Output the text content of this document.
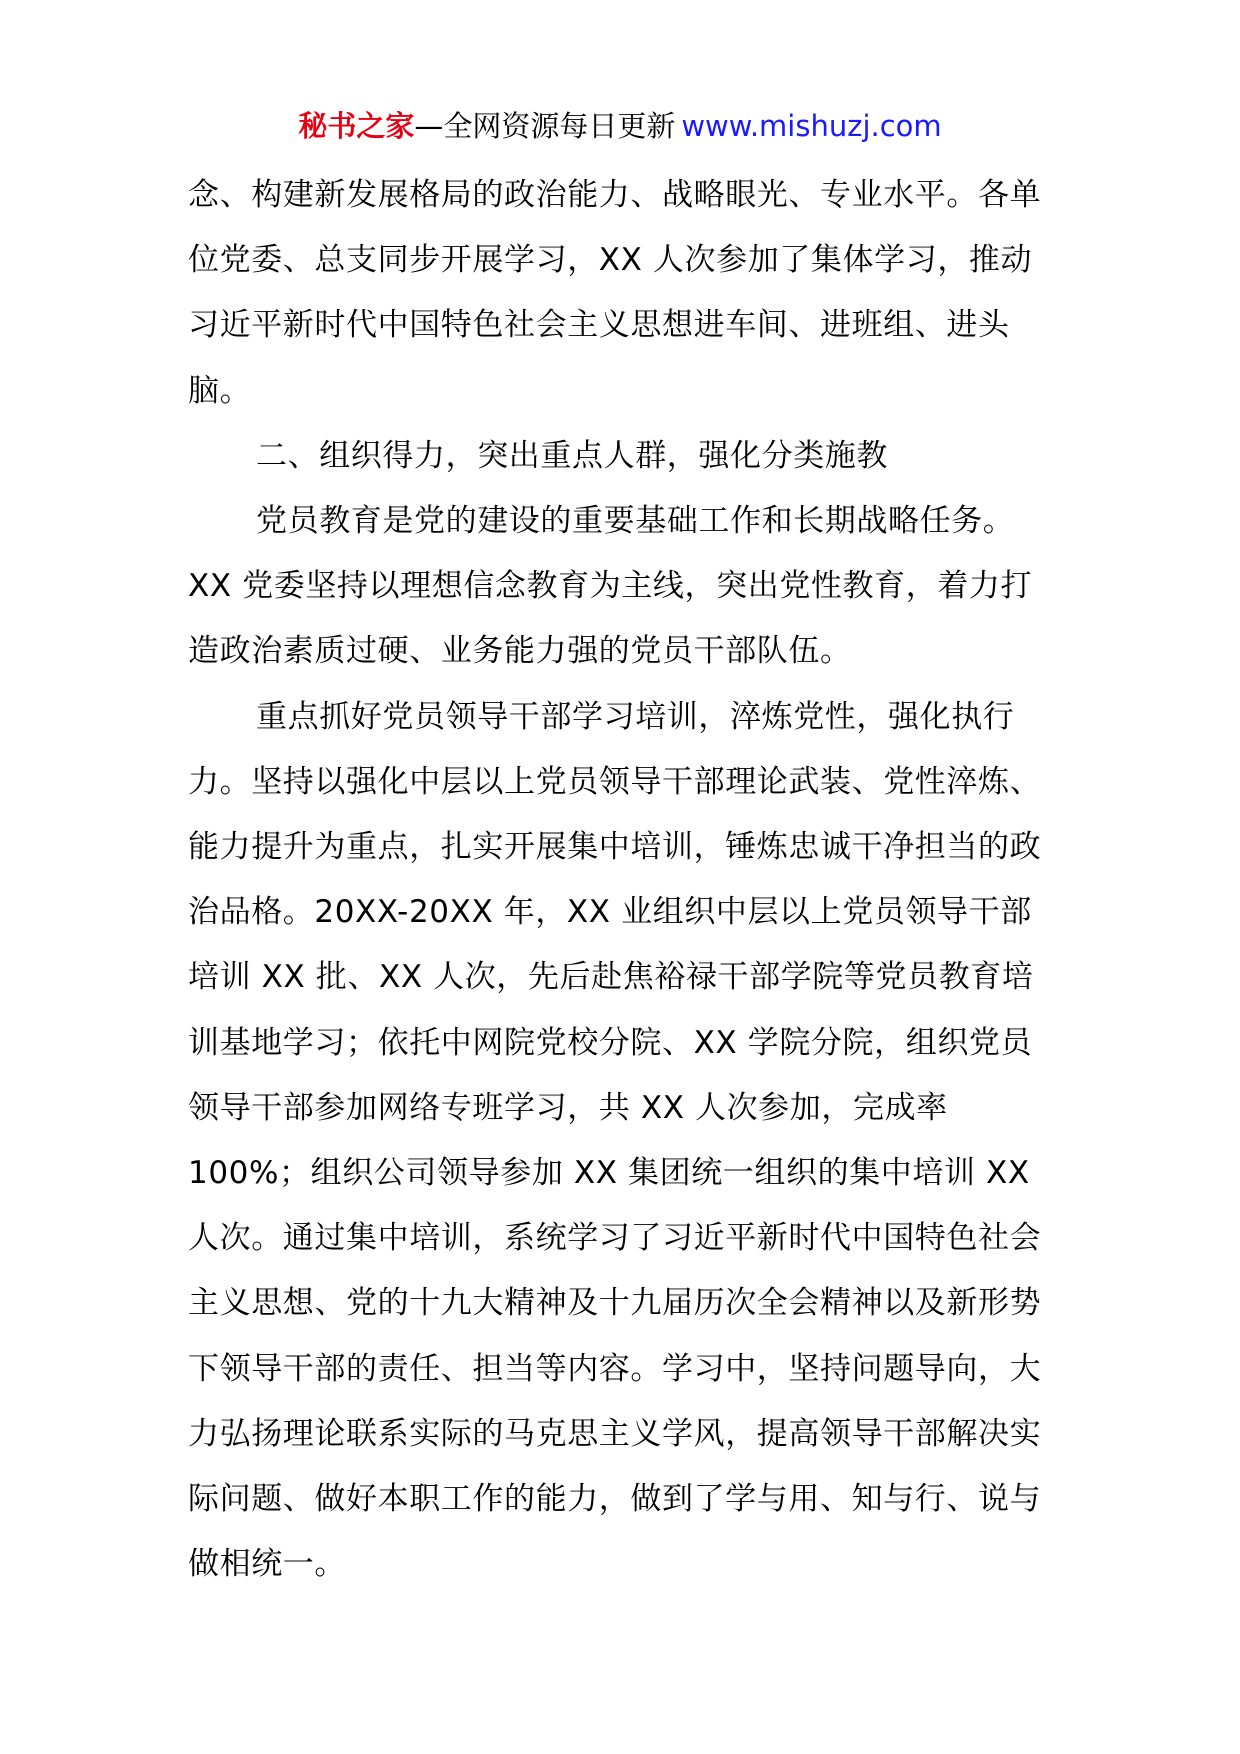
秘书之家—全网资源每日更新 www.mishuzj.com

念、构建新发展格局的政治能力、战略眼光、专业水平。各单位党委、总支同步开展学习，XX 人次参加了集体学习，推动习近平新时代中国特色社会主义思想进车间、进班组、进头脑。

二、组织得力，突出重点人群，强化分类施教

党员教育是党的建设的重要基础工作和长期战略任务。XX 党委坚持以理想信念教育为主线，突出党性教育，着力打造政治素质过硬、业务能力强的党员干部队伍。

重点抓好党员领导干部学习培训，淬炼党性，强化执行力。坚持以强化中层以上党员领导干部理论武装、党性淬炼、能力提升为重点，扎实开展集中培训，锤炼忠诚干净担当的政治品格。20XX-20XX 年，XX 业组织中层以上党员领导干部培训 XX 批、XX 人次，先后赴焦裕禄干部学院等党员教育培训基地学习；依托中网院党校分院、XX 学院分院，组织党员领导干部参加网络专班学习，共 XX 人次参加，完成率 100%；组织公司领导参加 XX 集团统一组织的集中培训 XX 人次。通过集中培训，系统学习了习近平新时代中国特色社会主义思想、党的十九大精神及十九届历次全会精神以及新形势下领导干部的责任、担当等内容。学习中，坚持问题导向，大力弘扬理论联系实际的马克思主义学风，提高领导干部解决实际问题、做好本职工作的能力，做到了学与用、知与行、说与做相统一。
